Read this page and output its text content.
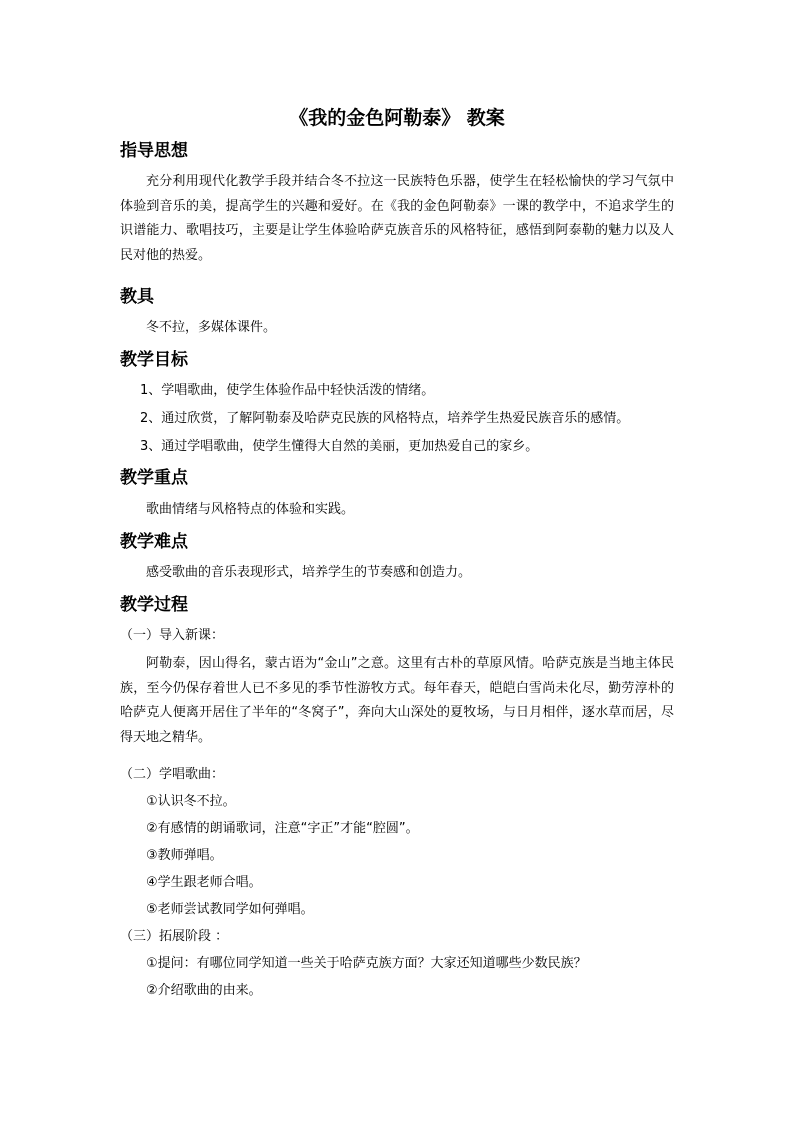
《我的金色阿勒泰》 教案
指导思想
充分利用现代化教学手段并结合冬不拉这一民族特色乐器，使学生在轻松愉快的学习气氛中体验到音乐的美，提高学生的兴趣和爱好。在《我的金色阿勒泰》一课的教学中，不追求学生的识谱能力、歌唱技巧，主要是让学生体验哈萨克族音乐的风格特征，感悟到阿泰勒的魅力以及人民对他的热爱。
教具
冬不拉，多媒体课件。
教学目标
1、学唱歌曲，使学生体验作品中轻快活泼的情绪。
2、通过欣赏，了解阿勒泰及哈萨克民族的风格特点，培养学生热爱民族音乐的感情。
3、通过学唱歌曲，使学生懂得大自然的美丽，更加热爱自己的家乡。
教学重点
歌曲情绪与风格特点的体验和实践。
教学难点
感受歌曲的音乐表现形式，培养学生的节奏感和创造力。
教学过程
（一）导入新课：
阿勒泰，因山得名，蒙古语为“金山”之意。这里有古朴的草原风情。哈萨克族是当地主体民族，至今仍保存着世人已不多见的季节性游牧方式。每年春天，皑皑白雪尚未化尽，勤劳淳朴的哈萨克人便离开居住了半年的“冬窝子”，奔向大山深处的夏牧场，与日月相伴，逐水草而居，尽得天地之精华。
（二）学唱歌曲：
①认识冬不拉。
②有感情的朗诵歌词，注意“字正”才能“腔圆”。
③教师弹唱。
④学生跟老师合唱。
⑤老师尝试教同学如何弹唱。
（三）拓展阶段 ：
①提问：有哪位同学知道一些关于哈萨克族方面？大家还知道哪些少数民族？
②介绍歌曲的由来。
